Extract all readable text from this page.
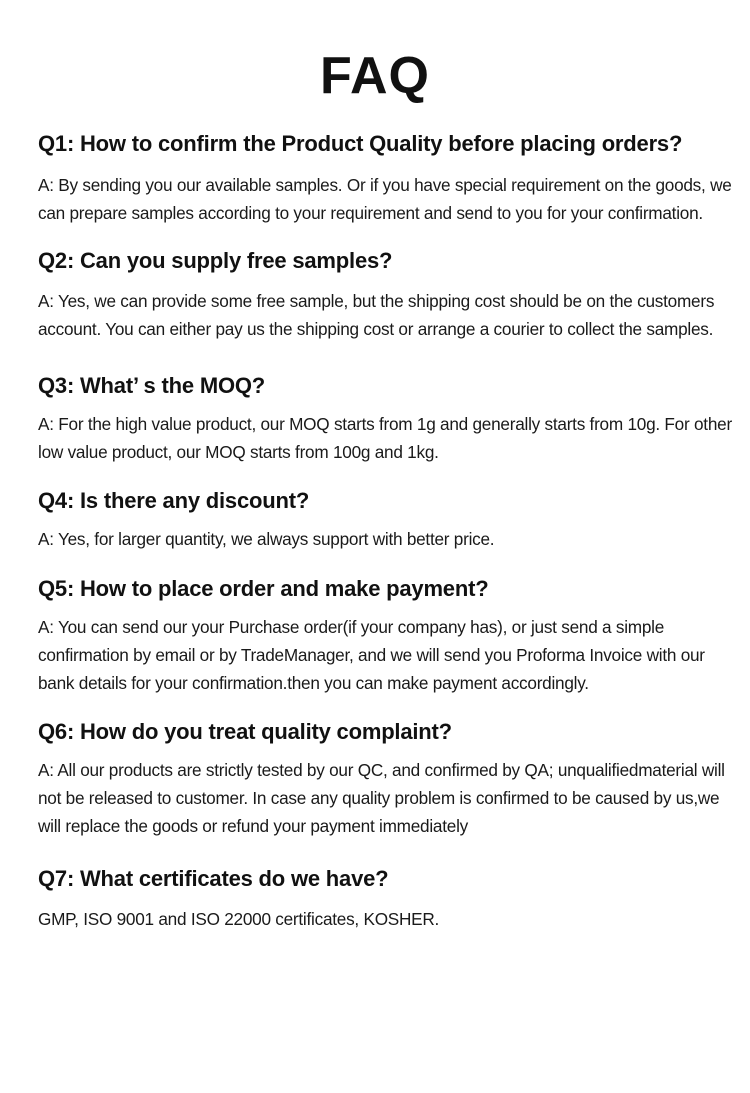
FAQ
Q1: How to confirm the Product Quality before placing orders?

A: By sending you our available samples. Or if you have special requirement on the goods, we can prepare samples according to your requirement and send to you for your confirmation.

Q2: Can you supply free samples?

A: Yes, we can provide some free sample, but the shipping cost should be on the customers account. You can either pay us the shipping cost or arrange a courier to collect the samples.

Q3: What’ s the MOQ?

A: For the high value product, our MOQ starts from 1g and generally starts from 10g. For other low value product, our MOQ starts from 100g and 1kg.

Q4: Is there any discount?

A: Yes, for larger quantity, we always support with better price.

Q5: How to place order and make payment?

A: You can send our your Purchase order(if your company has), or just send a simple confirmation by email or by TradeManager, and we will send you Proforma Invoice with our bank details for your confirmation.then you can make payment accordingly.

Q6: How do you treat quality complaint?

A: All our products are strictly tested by our QC, and confirmed by QA; unqualifiedmaterial will not be released to customer. In case any quality problem is confirmed to be caused by us,we will replace the goods or refund your payment immediately

Q7: What certificates do we have?

GMP, ISO 9001 and ISO 22000 certificates, KOSHER.
